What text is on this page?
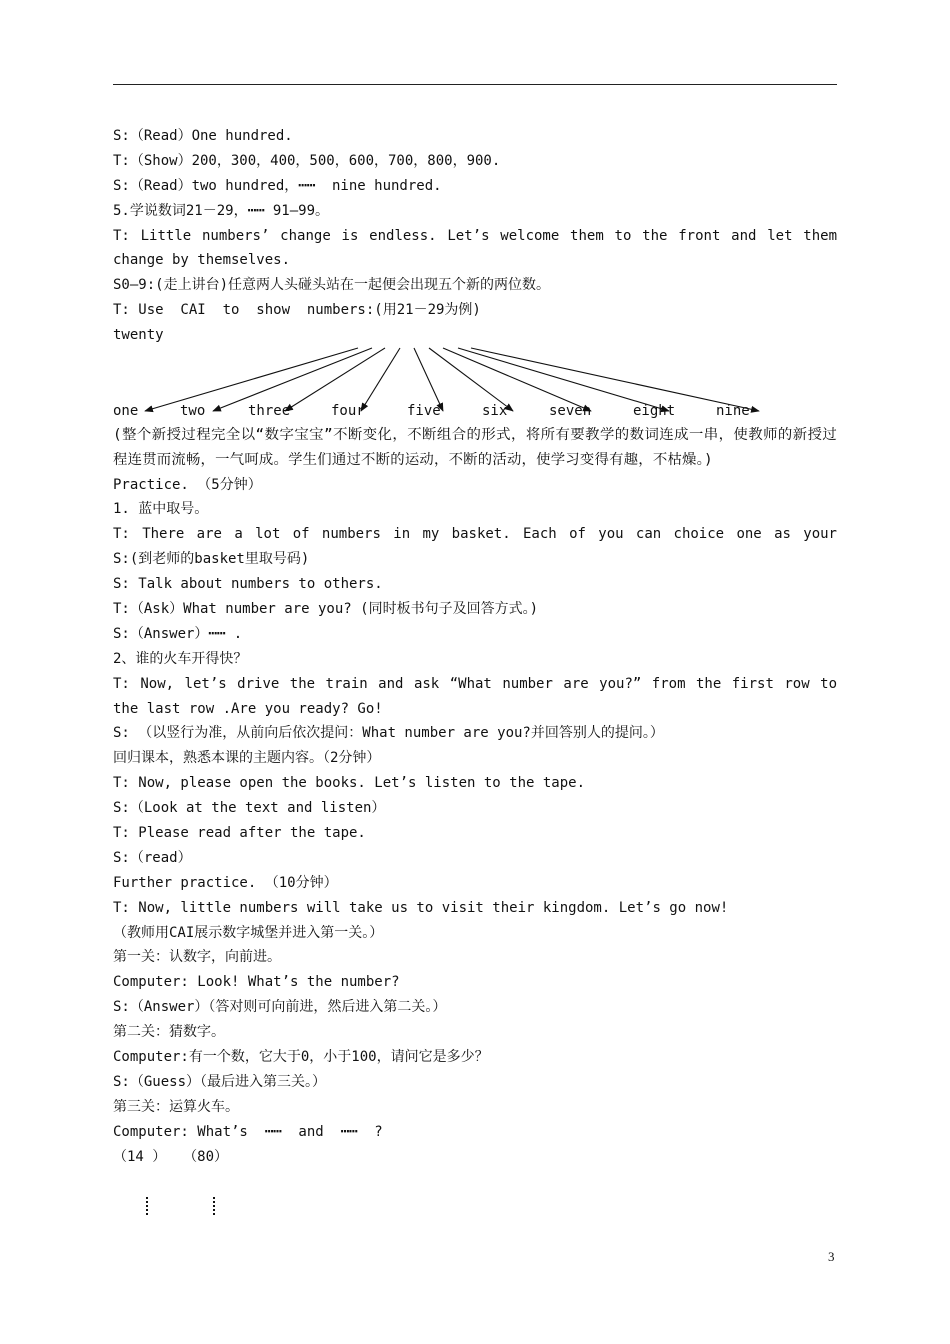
S:（Read）One hundred.
T:（Show）200，300，400，500，600，700，800，900.
S:（Read）two hundred，┅┅  nine hundred.
5.学说数词21－29，┅┅ 91—99。
T: Little numbers’ change is endless. Let’s welcome them to the front and let them
change by themselves.
S0—9:(走上讲台)任意两人头碰头站在一起便会出现五个新的两位数。
T: Use  CAI  to  show  numbers:(用21－29为例)
twenty
one	two	three	four	five	six	seven	eight	nine
(整个新授过程完全以“数字宝宝”不断变化，不断组合的形式，将所有要教学的数词连成一串，使教师的新授过程连贯而流畅，一气呵成。学生们通过不断的运动，不断的活动，使学习变得有趣，不枯燥。)
Practice. （5分钟）
1. 蓝中取号。
T: There are a lot of numbers in my basket. Each of you can choice one as your
S:(到老师的basket里取号码)
S: Talk about numbers to others.
T:（Ask）What number are you? (同时板书句子及回答方式。)
S:（Answer）┅┅ .
2、谁的火车开得快？
T: Now, let’s drive the train and ask “What number are you?” from the first row to
the last row .Are you ready? Go!
S: （以竖行为准，从前向后依次提问：What number are you?并回答别人的提问。）
回归课本，熟悉本课的主题内容。（2分钟）
T: Now, please open the books. Let’s listen to the tape.
S:（Look at the text and listen）
T: Please read after the tape.
S:（read）
Further practice. （10分钟）
T: Now, little numbers will take us to visit their kingdom. Let’s go now!
（教师用CAI展示数字城堡并进入第一关。）
第一关：认数字，向前进。
Computer: Look! What’s the number?
S:（Answer）（答对则可向前进，然后进入第二关。）
第二关：猜数字。
Computer:有一个数，它大于0，小于100，请问它是多少？
S:（Guess）（最后进入第三关。）
第三关：运算火车。
Computer: What’s  ┅┅  and  ┅┅  ?
（14 ）  （80）
3
